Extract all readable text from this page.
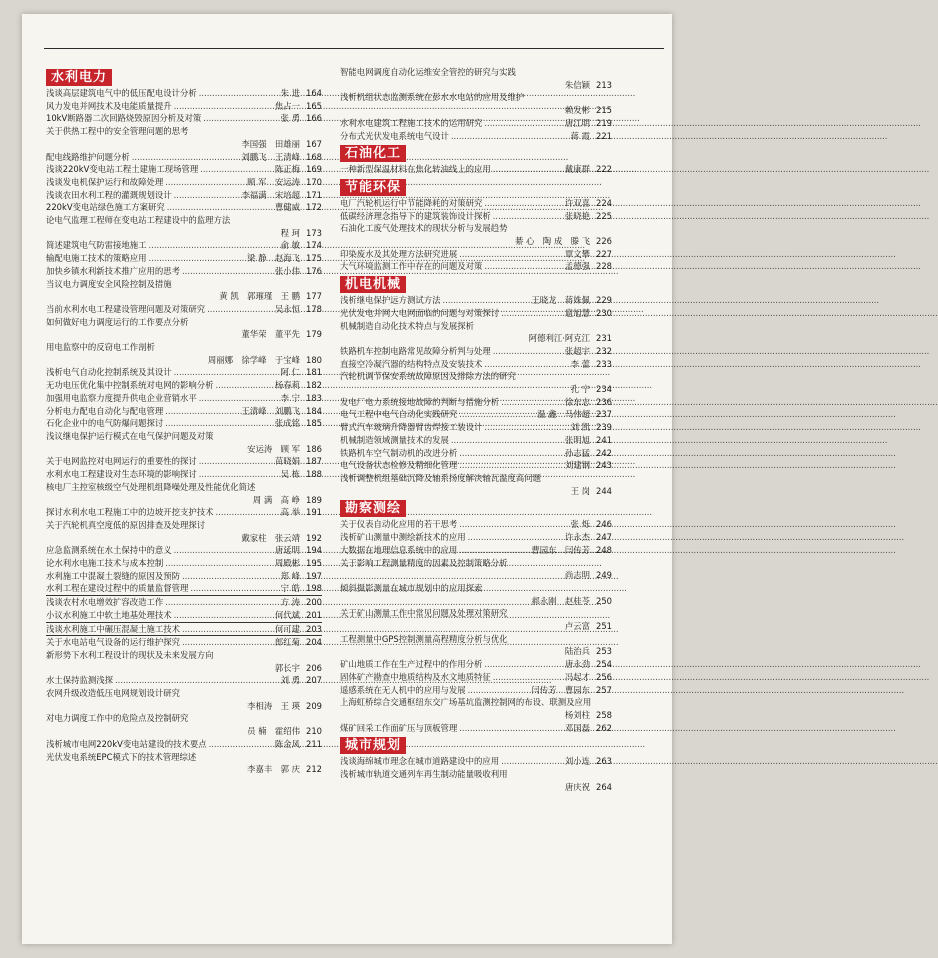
水利电力
浅谈高层建筑电气中的低压配电设计分析 .....	朱 进 164
风力发电并网技术及电能质量提升 .....	焦占一 165
10kV断路器二次回路烧毁原因分析及对策 .....	张 勇 166
关于供热工程中的安全管理问题的思考
李国强　田雄丽 167
配电线路维护问题分析 .....	刘鹏飞　王清峰 168
浅谈220kV变电站工程土建施工现场管理 .....	陈正梅 169
浅谈发电机保护运行和故障处理 .....	顾 军　安运涛 170
浅谈农田水利工程的灌溉规划设计 .....	李福满　宋培超 171
220kV变电站绿色施工方案研究 .....	曹健威 172
论电气监理工程师在变电站工程建设中的监理方法
程 珂 173
简述建筑电气防雷接地施工 .....	俞 敏 174
输配电施工技术的策略应用 .....	梁 静　赵海飞 175
加快乡镇水利新技术推广应用的思考 .....	张小伟 176
当议电力调度安全风险控制及措施
黄 凯　郭璀瑾　王 鹏 177
当前水利水电工程建设管理问题及对策研究 .....	吴永恒 178
如何做好电力调度运行的工作要点分析
董华荣　董平先 179
用电监察中的反窃电工作剖析
周丽娜　徐学峰　于宝峰 180
浅析电气自动化控制系统及其设计 .....	阿 仁 181
无功电压优化集中控制系统对电网的影响分析 .....	杨春莉 182
加强用电监察力度提升供电企业营销水平 .....	李 宁 183
分析电力配电自动化与配电管理 .....	王清峰　刘鹏飞 184
石化企业中的电气防爆问题探讨 .....	张成铭 185
浅议继电保护运行模式在电气保护问题及对策
安运涛　顾 军 186
关于电网监控对电网运行的重要性的探讨 .....	苗晓娟 187
水利水电工程建设对生态环境的影响探讨 .....	吴 栋 188
核电厂主控室核级空气处理机组降噪处理及性能优化简述
周 满　高 峥 189
探讨水利水电工程施工中的边坡开挖支护技术 .....	高 举 191
关于汽轮机真空度低的原因排查及处理探讨
戴家柱　张云靖 192
应急监测系统在水土保持中的意义 .....	唐延明 194
论水利水电施工技术与成本控制 .....	周殿彬 195
水利施工中混凝土裂缝的原因及预防 .....	郑 峰 197
水利工程在建设过程中的质量监督管理 .....	宁 皓 198
浅谈农村水电增效扩容改造工作 .....	方 涛 200
小议水利施工中软土地基处理技术 .....	何代斌 201
浅谈水利施工中碾压混凝土施工技术 .....	何可建 203
关于水电站电气设备的运行维护探究 .....	郎红菊 204
新形势下水利工程设计的现状及未来发展方向
郭长宇 206
水土保持监测浅探 .....	刘 勇 207
农网升级改造低压电网规划设计研究
李相涛　王 瑛 209
对电力调度工作中的危险点及控制研究
员 楠　霍绍伟 210
浅析城市电网220kV变电站建设的技术要点 .....	陈金风 211
光伏发电系统EPC模式下的技术管理综述
李嘉丰　郭 庆 212
智能电网调度自动化运维安全管控的研究与实践
朱信颖 213
浅析机组状态监测系统在彭水水电站的应用及维护
赖发彬 215
水利水电建筑工程施工技术的运用研究 .....	唐江明 219
分布式光伏发电系统电气设计 .....	蒋 霞 221
石油化工
一种新型保温材料在焦化转油线上的应用 .....	戴康群 222
节能环保
电厂汽轮机运行中节能降耗的对策研究 .....	许双喜 224
低碳经济理念指导下的建筑装饰设计探析 .....	张晓艳 225
石油化工废气处理技术的现状分析与发展趋势
綦 心　陶 成　滕 飞 226
印染废水及其处理方法研究进展 .....	覃文攀 227
大气环境监测工作中存在的问题及对策 .....	孟德强 228
机电机械
浅析继电保护远方测试方法 .....	王晓龙　蒋姝佩 229
光伏发电并网大电网面临的问题与对策探讨 .....	扈旭慧 230
机械制造自动化技术特点与发展探析
阿德利江·阿克江 231
铁路机车控制电路常见故障分析判与处理 .....	张超宇 232
直接空冷凝汽器的结构特点及安装技术 .....	李 蕾 233
汽轮机调节保安系统故障原因及排除方法的研究
孔 宁 234
发电厂电力系统接地故障的判断与措施分析 .....	徐东志 236
电气工程中电气自动化实践研究 .....	温 鑫　马伟超 237
臂式汽车玻璃升降器臂齿焊接工装设计 .....	刘 凯 239
机械制造领域测量技术的发展 .....	张明旭 241
铁路机车空气制动机的改进分析 .....	孙志猛 242
电气设备状态检修及精细化管理 .....	刘建钢 243
浅析调整机组基础沉降及轴系扬度解决轴瓦温度高问题
王 岗 244
勘察测绘
关于仪表自动化应用的若干思考 .....	张 烁 246
浅析矿山测量中测绘新技术的应用 .....	许永杰 247
大数据在地理信息系统中的应用 .....	曹园东　闫传芳 248
关于影响工程测量精度的因素及控制策略分析
尚志明 249
倾斜摄影测量在城市规划中的应用探索
郝永刚　赵桂苓 250
关于矿山测量工作中常见问题及处理对策研究
卢云富 251
工程测量中GPS控制测量高程精度分析与优化
陆治兵 253
矿山地质工作在生产过程中的作用分析 .....	唐永劲 254
固体矿产勘查中地质结构及水文地质特征 .....	冯起才 256
遥感系统在无人机中的应用与发展 .....	闫传芳　曹园东 257
上海虹桥综合交通枢纽东交广场基坑监测控制网的布设、联测及应用
杨刘柱 258
煤矿回采工作面矿压与顶板管理 .....	邓国磊 262
城市规划
浅谈海绵城市理念在城市道路建设中的应用 .....	刘小连 263
浅析城市轨道交通列车再生制动能量吸收利用
唐庆祝 264
